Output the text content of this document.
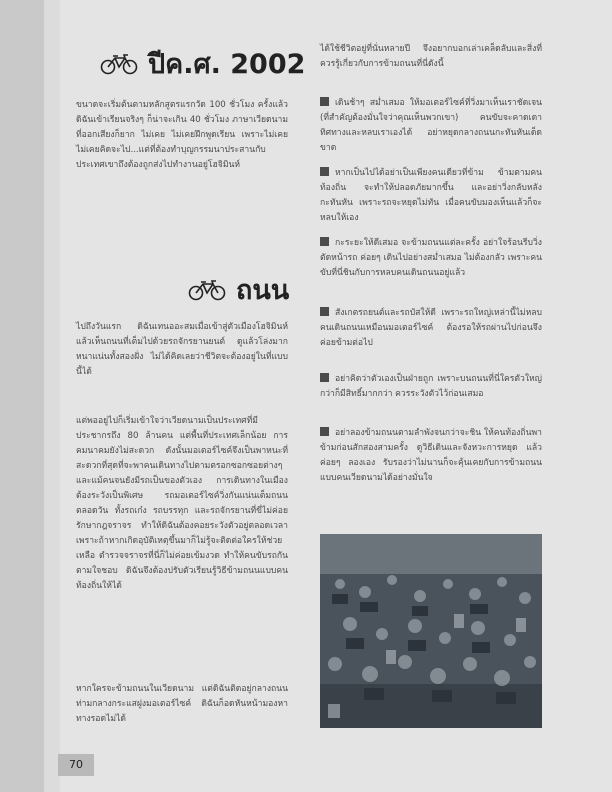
ปีค.ศ. 2002

ขนาดจะเริ่มต้นตามหลักสูตรแรกวัด 100 ชั่วโมง ครั้งแล้ว ดิฉันเข้าเรียนจริงๆ ก็น่าจะเกิน 40 ชั่วโมง ภาษาเวียดนามที่ออกเสียงก็ยาก ไม่เคย ไม่เคยฝึกพูดเรียน เพราะไม่เคย ไม่เคยคิดจะไป...แต่ที่ต้องทำบุญกรรมนาประสานกับประเทศเขาถึงต้องถูกส่งไปทำงานอยู่โฮจิมินห์

ถนน

ไปถึงวันแรก ดิฉันเทนออะสมเมื่อเข้าสู่ตัวเมืองโฮจิมินห์ แล้วเห็นถนนที่เต็มไปด้วยรถจักรยานยนต์ ดูแล้วโล่งมาก หนาแน่นทั้งสองฝั่ง ไม่ได้คิดเลยว่าชีวิตจะต้องอยู่ในที่แบบนี้ได้

แต่พออยู่ไปก็เริ่มเข้าใจว่าเวียดนามเป็นประเทศที่มีประชากรถึง 80 ล้านคน แต่พื้นที่ประเทศเล็กน้อย การคมนาคมยังไม่สะดวก ดังนั้นมอเตอร์ไซค์จึงเป็นพาหนะที่สะดวกที่สุดที่จะพาคนเดินทางไปตามตรอกซอกซอยต่างๆ และแม้คนจนยังมีรถเป็นของตัวเอง การเดินทางในเมืองต้องระวังเป็นพิเศษ รถมอเตอร์ไซค์วิ่งกันแน่นเต็มถนนตลอดวัน ทั้งรถเก๋ง รถบรรทุก และรถจักรยานที่ขี่ไม่ค่อยรักษากฎจราจร ทำให้ดิฉันต้องคอยระวังตัวอยู่ตลอดเวลา เพราะถ้าหากเกิดอุบัติเหตุขึ้นมาก็ไม่รู้จะติดต่อใครให้ช่วยเหลือ ตำรวจจราจรที่นี่ก็ไม่ค่อยเข้มงวด ทำให้คนขับรถกันตามใจชอบ ดิฉันจึงต้องปรับตัวเรียนรู้วิธีข้ามถนนแบบคนท้องถิ่นให้ได้

หากใครจะข้ามถนนในเวียดนาม แต่ดิฉันติดอยู่กลางถนน ท่ามกลางกระแสฝูงมอเตอร์ไซค์ ดิฉันก็อดหันหน้ามองหาทางรอดไม่ได้

ได้ใช้ชีวิตอยู่ที่นั่นหลายปี จึงอยากบอกเล่าเคล็ดลับและสิ่งที่ควรรู้เกี่ยวกับการข้ามถนนที่นี่ดังนี้

เดินช้าๆ สม่ำเสมอ ให้มอเตอร์ไซค์ที่วิ่งมาเห็นเราชัดเจน (ที่สำคัญต้องมั่นใจว่าคุณเห็นพวกเขา) คนขับจะคาดเดาทิศทางและหลบเราเองได้ อย่าหยุดกลางถนนกะทันหันเด็ดขาด

หากเป็นไปได้อย่าเป็นเพียงคนเดียวที่ข้าม ข้ามตามคนท้องถิ่น จะทำให้ปลอดภัยมากขึ้น และอย่าวิ่งกลับหลังกะทันหัน เพราะรถจะหยุดไม่ทัน เมื่อคนขับมองเห็นแล้วก็จะหลบให้เอง

กะระยะให้ดีเสมอ จะข้ามถนนแต่ละครั้ง อย่าใจร้อนรีบวิ่งตัดหน้ารถ ค่อยๆ เดินไปอย่างสม่ำเสมอ ไม่ต้องกลัว เพราะคนขับที่นี่ชินกับการหลบคนเดินถนนอยู่แล้ว

สังเกตรถยนต์และรถบัสให้ดี เพราะรถใหญ่เหล่านี้ไม่หลบคนเดินถนนเหมือนมอเตอร์ไซค์ ต้องรอให้รถผ่านไปก่อนจึงค่อยข้ามต่อไป

อย่าคิดว่าตัวเองเป็นฝ่ายถูก เพราะบนถนนที่นี่ใครตัวใหญ่กว่าก็มีสิทธิ์มากกว่า ควรระวังตัวไว้ก่อนเสมอ

อย่าลองข้ามถนนตามลำพังจนกว่าจะชิน ให้คนท้องถิ่นพาข้ามก่อนสักสองสามครั้ง ดูวิธีเดินและจังหวะการหยุด แล้วค่อยๆ ลองเอง รับรองว่าไม่นานก็จะคุ้นเคยกับการข้ามถนนแบบคนเวียดนามได้อย่างมั่นใจ

70
